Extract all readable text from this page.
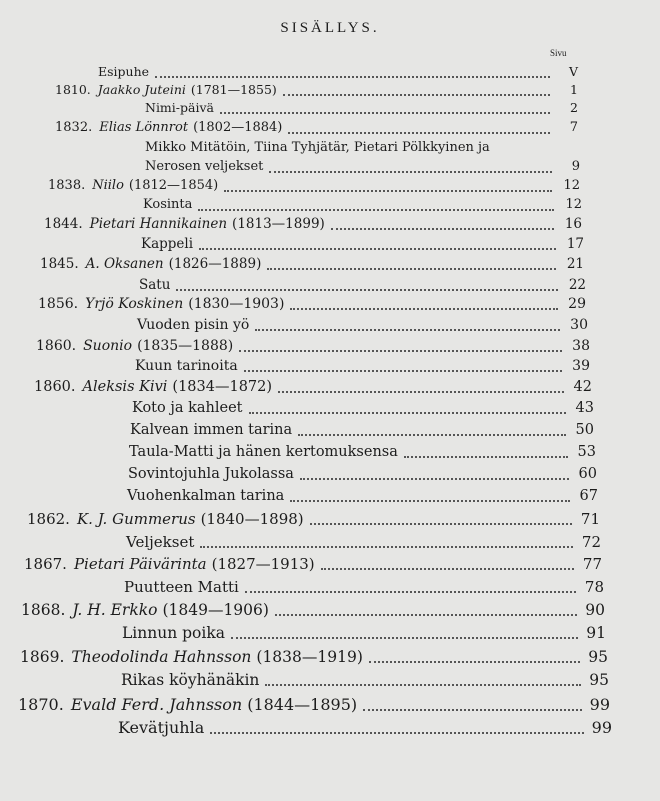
SISÄLLYS.
Sivu
Esipuhe	V
1810. Jaakko Juteini (1781—1855)	1
Nimi-päivä	2
1832. Elias Lönnrot (1802—1884)	7
Mikko Mitätöin, Tiina Tyhjätär, Pietari Pölkkyinen ja
Nerosen veljekset	9
1838. Niilo (1812—1854)	12
Kosinta	12
1844. Pietari Hannikainen (1813—1899)	16
Kappeli	17
1845. A. Oksanen (1826—1889)	21
Satu	22
1856. Yrjö Koskinen (1830—1903)	29
Vuoden pisin yö	30
1860. Suonio (1835—1888)	38
Kuun tarinoita	39
1860. Aleksis Kivi (1834—1872)	42
Koto ja kahleet	43
Kalvean immen tarina	50
Taula-Matti ja hänen kertomuksensa	53
Sovintojuhla Jukolassa	60
Vuohenkalman tarina	67
1862. K. J. Gummerus (1840—1898)	71
Veljekset	72
1867. Pietari Päivärinta (1827—1913)	77
Puutteen Matti	78
1868. J. H. Erkko (1849—1906)	90
Linnun poika	91
1869. Theodolinda Hahnsson (1838—1919)	95
Rikas köyhänäkin	95
1870. Evald Ferd. Jahnsson (1844—1895)	99
Kevätjuhla	99
